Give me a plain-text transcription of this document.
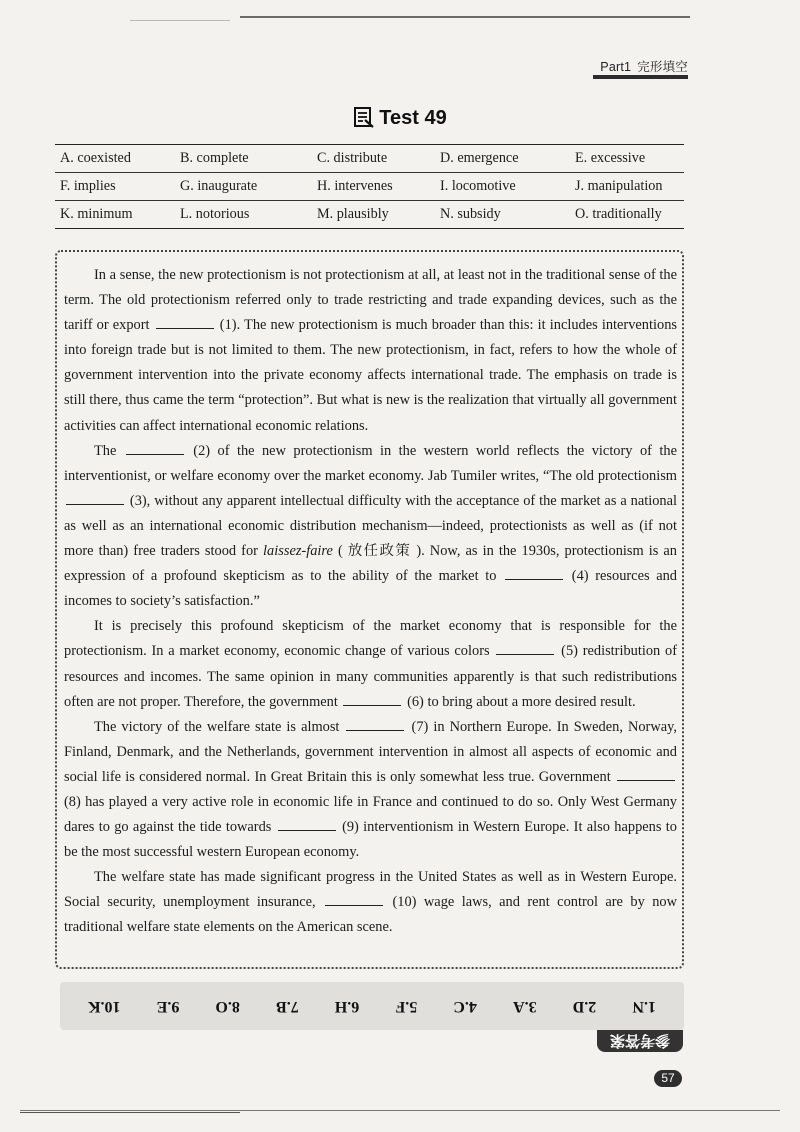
Part1 完形填空
Test 49
A. coexisted	B. complete	C. distribute	D. emergence	E. excessive
F. implies	G. inaugurate	H. intervenes	I. locomotive	J. manipulation
K. minimum	L. notorious	M. plausibly	N. subsidy	O. traditionally

In a sense, the new protectionism is not protectionism at all, at least not in the traditional sense of the term. The old protectionism referred only to trade restricting and trade expanding devices, such as the tariff or export	(1). The new protectionism is much broader than this: it includes interventions into foreign trade but is not limited to them. The new protectionism, in fact, refers to how the whole of government intervention into the private economy affects international trade. The emphasis on trade is still there, thus came the term “protection”. But what is new is the realization that virtually all government activities can affect international economic relations.

The	(2) of the new protectionism in the western world reflects the victory of the interventionist, or welfare economy over the market economy. Jab Tumiler writes, “The old protectionism  (3), without any apparent intellectual difficulty with the acceptance of the market as a national as well as an international economic distribution mechanism—indeed, protectionists as well as (if not more than) free traders stood for laissez-faire ( 放任政策 ). Now, as in the 1930s, protectionism is an expression of a profound skepticism as to the ability of the market to	(4) resources and incomes to society’s satisfaction.”

It is precisely this profound skepticism of the market economy that is responsible for the protectionism. In a market economy, economic change of various colors	(5) redistribution of resources and incomes. The same opinion in many communities apparently is that such redistributions often are not proper. Therefore, the government	(6) to bring about a more desired result.

The victory of the welfare state is almost	(7) in Northern Europe. In Sweden, Norway, Finland, Denmark, and the Netherlands, government intervention in almost all aspects of economic and social life is considered normal. In Great Britain this is only somewhat less true. Government  (8) has played a very active role in economic life in France and continued to do so. Only West Germany dares to go against the tide towards	(9) interventionism in Western Europe. It also happens to be the most successful western European economy.

The welfare state has made significant progress in the United States as well as in Western Europe. Social security, unemployment insurance,	(10) wage laws, and rent control are by now traditional welfare state elements on the American scene.

1.N
2.D
3.A
4.C
5.F
6.H
7.B
8.O
9.E
10.K
参考答案
57
